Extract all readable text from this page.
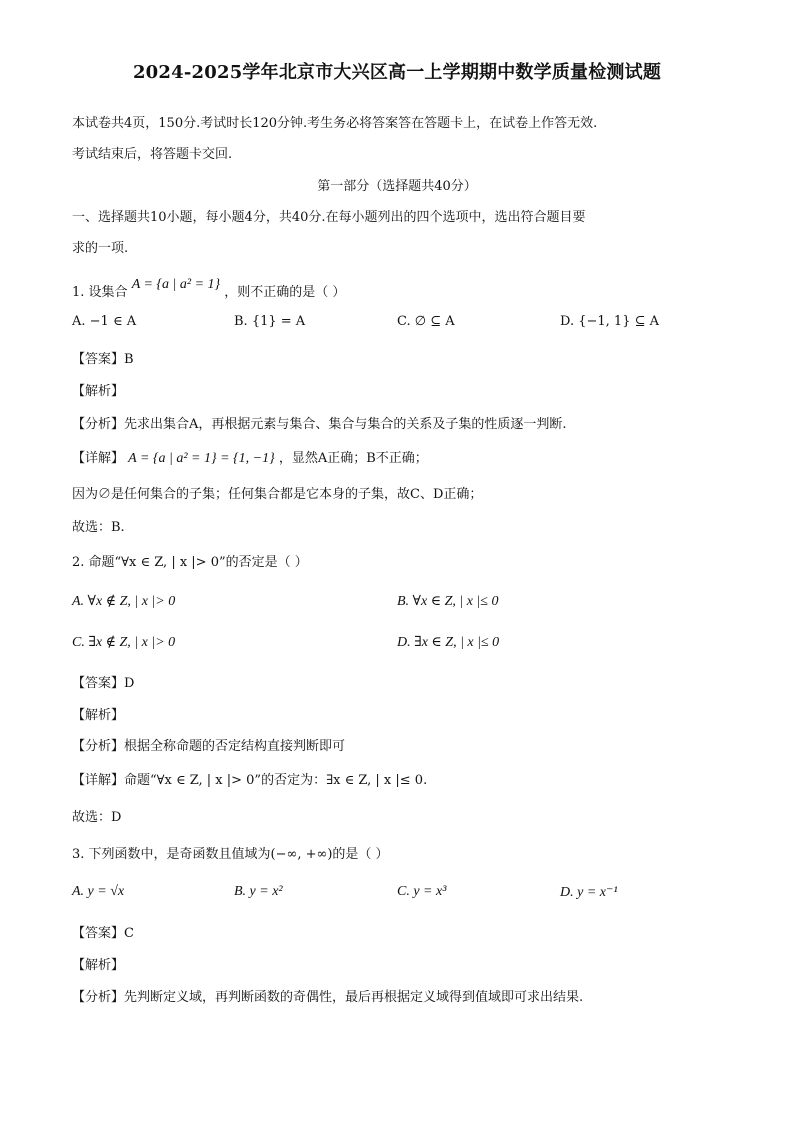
2024-2025学年北京市大兴区高一上学期期中数学质量检测试题
本试卷共4页，150分.考试时长120分钟.考生务必将答案答在答题卡上，在试卷上作答无效.
考试结束后，将答题卡交回.
第一部分（选择题共40分）
一、选择题共10小题，每小题4分，共40分.在每小题列出的四个选项中，选出符合题目要
求的一项.
1. 设集合 A = {a | a² = 1} ，则不正确的是（ ）
A. −1 ∈ A	B. {1} = A	C. ∅ ⊆ A	D. {−1, 1} ⊆ A
【答案】B
【解析】
【分析】先求出集合A，再根据元素与集合、集合与集合的关系及子集的性质逐一判断.
【详解】 A = {a | a² = 1} = {1, −1} ，显然A正确；B不正确；
因为∅是任何集合的子集；任何集合都是它本身的子集，故C、D正确；
故选：B.
2. 命题“∀x ∈ Z, | x |> 0”的否定是（ ）
A. ∀x ∉ Z, | x |> 0	B. ∀x ∈ Z, | x |≤ 0
C. ∃x ∉ Z, | x |> 0	D. ∃x ∈ Z, | x |≤ 0
【答案】D
【解析】
【分析】根据全称命题的否定结构直接判断即可
【详解】命题“∀x ∈ Z, | x |> 0”的否定为：∃x ∈ Z, | x |≤ 0.
故选：D
3. 下列函数中，是奇函数且值域为(−∞, +∞)的是（ ）
A. y = √x	B. y = x²	C. y = x³	D. y = x⁻¹
【答案】C
【解析】
【分析】先判断定义域，再判断函数的奇偶性，最后再根据定义域得到值域即可求出结果.
